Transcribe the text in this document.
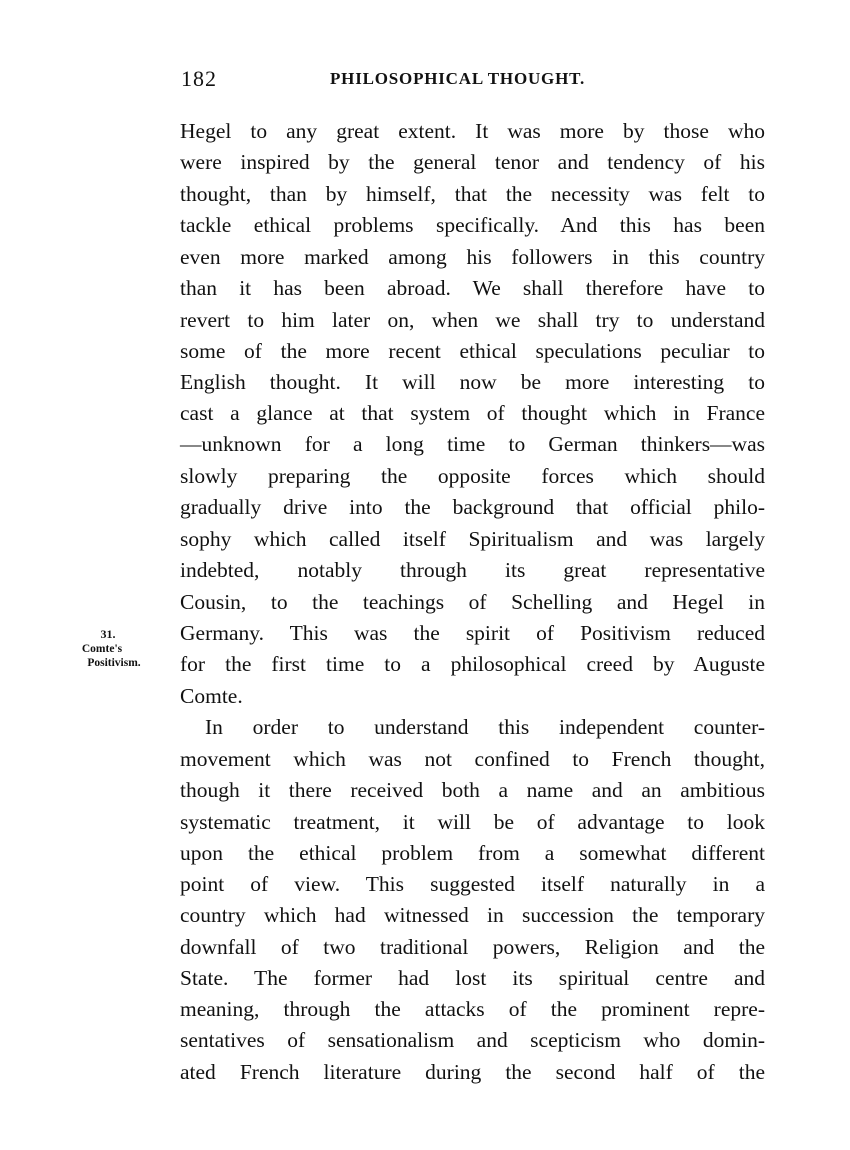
182	PHILOSOPHICAL THOUGHT.
31.
Comte's
Positivism.
Hegel to any great extent. It was more by those who
were inspired by the general tenor and tendency of his
thought, than by himself, that the necessity was felt to
tackle ethical problems specifically. And this has been
even more marked among his followers in this country
than it has been abroad. We shall therefore have to
revert to him later on, when we shall try to understand
some of the more recent ethical speculations peculiar to
English thought. It will now be more interesting to
cast a glance at that system of thought which in France
—unknown for a long time to German thinkers—was
slowly preparing the opposite forces which should
gradually drive into the background that official philo-
sophy which called itself Spiritualism and was largely
indebted, notably through its great representative
Cousin, to the teachings of Schelling and Hegel in
Germany. This was the spirit of Positivism reduced
for the first time to a philosophical creed by Auguste
Comte.
In order to understand this independent counter-
movement which was not confined to French thought,
though it there received both a name and an ambitious
systematic treatment, it will be of advantage to look
upon the ethical problem from a somewhat different
point of view. This suggested itself naturally in a
country which had witnessed in succession the temporary
downfall of two traditional powers, Religion and the
State. The former had lost its spiritual centre and
meaning, through the attacks of the prominent repre-
sentatives of sensationalism and scepticism who domin-
ated French literature during the second half of the
